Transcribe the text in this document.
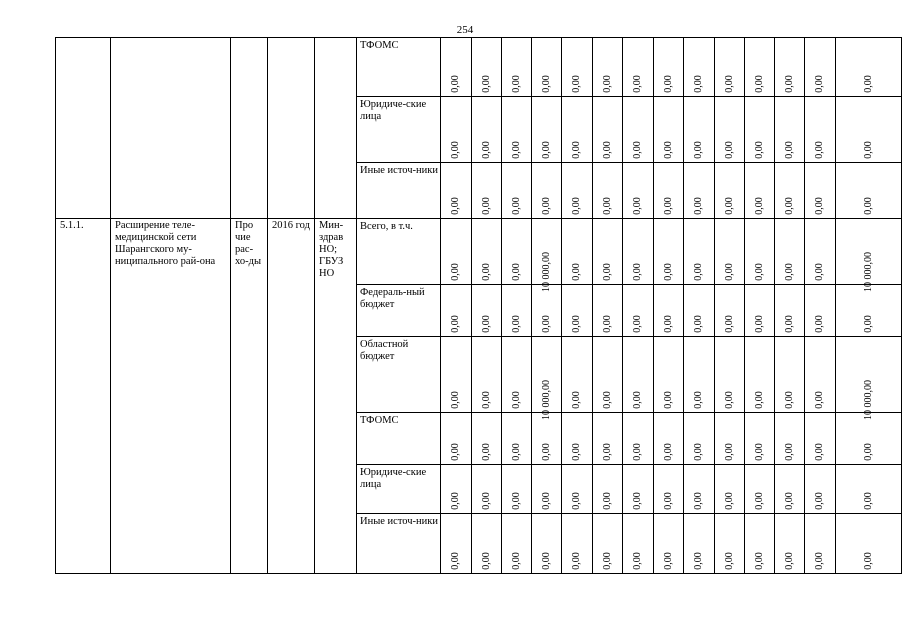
254

					ТФОМС	0,00	0,00	0,00	0,00	0,00	0,00	0,00	0,00	0,00	0,00	0,00	0,00	0,00	0,00

					Юридиче-ские лица	0,00	0,00	0,00	0,00	0,00	0,00	0,00	0,00	0,00	0,00	0,00	0,00	0,00	0,00

					Иные источ-ники	0,00	0,00	0,00	0,00	0,00	0,00	0,00	0,00	0,00	0,00	0,00	0,00	0,00	0,00

5.1.1.	Расширение теле-медицинской сети Шарангского му-ниципального рай-она	Про чие рас-хо-ды	2016 год	Мин-здрав НО; ГБУЗ НО	Всего, в т.ч.	0,00	0,00	0,00	10 000,00	0,00	0,00	0,00	0,00	0,00	0,00	0,00	0,00	0,00	10 000,00

					Федераль-ный бюджет	0,00	0,00	0,00	0,00	0,00	0,00	0,00	0,00	0,00	0,00	0,00	0,00	0,00	0,00

					Областной бюджет	0,00	0,00	0,00	10 000,00	0,00	0,00	0,00	0,00	0,00	0,00	0,00	0,00	0,00	10 000,00

					ТФОМС	0,00	0,00	0,00	0,00	0,00	0,00	0,00	0,00	0,00	0,00	0,00	0,00	0,00	0,00

					Юридиче-ские лица	0,00	0,00	0,00	0,00	0,00	0,00	0,00	0,00	0,00	0,00	0,00	0,00	0,00	0,00

					Иные источ-ники	0,00	0,00	0,00	0,00	0,00	0,00	0,00	0,00	0,00	0,00	0,00	0,00	0,00	0,00
